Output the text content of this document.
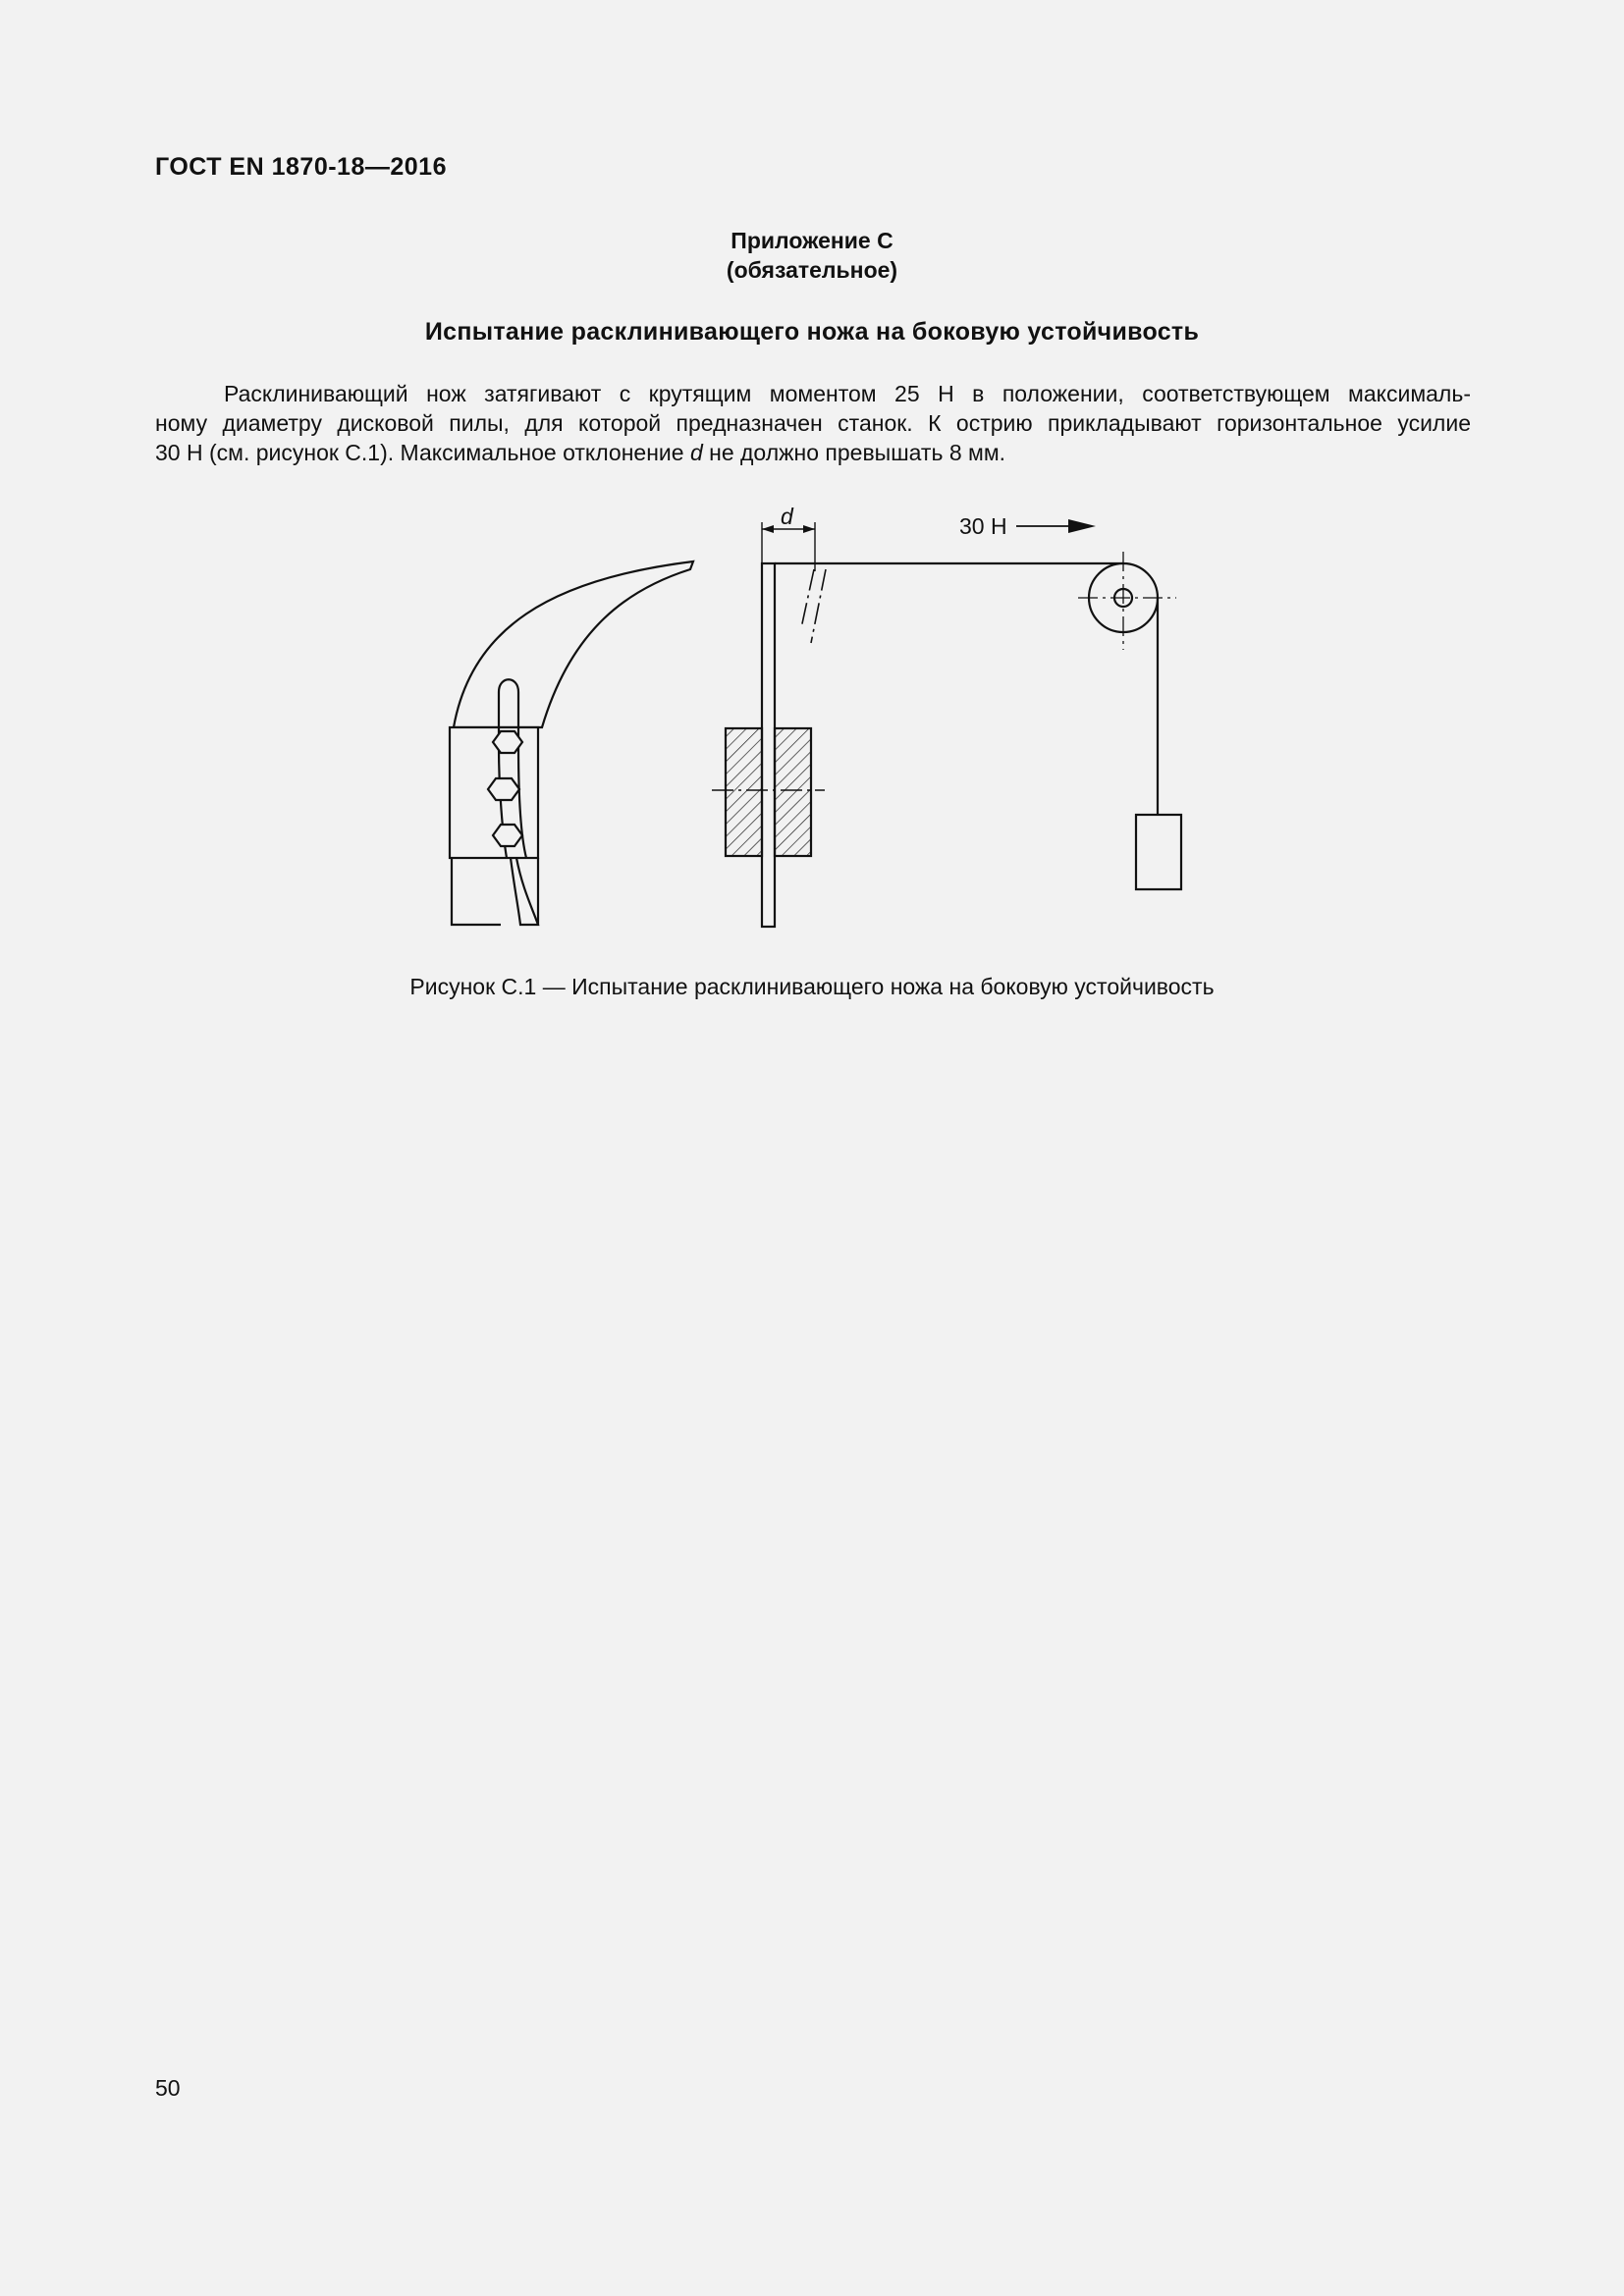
ГОСТ EN 1870-18—2016
Приложение С
(обязательное)
Испытание расклинивающего ножа на боковую устойчивость
Расклинивающий нож затягивают с крутящим моментом 25 Н в положении, соответствующем максималь-
ному диаметру дисковой пилы, для которой предназначен станок. К острию прикладывают горизонтальное усилие
30 Н (см. рисунок С.1). Максимальное отклонение d не должно превышать 8 мм.
d	30 Н
Рисунок С.1 — Испытание расклинивающего ножа на боковую устойчивость
50
